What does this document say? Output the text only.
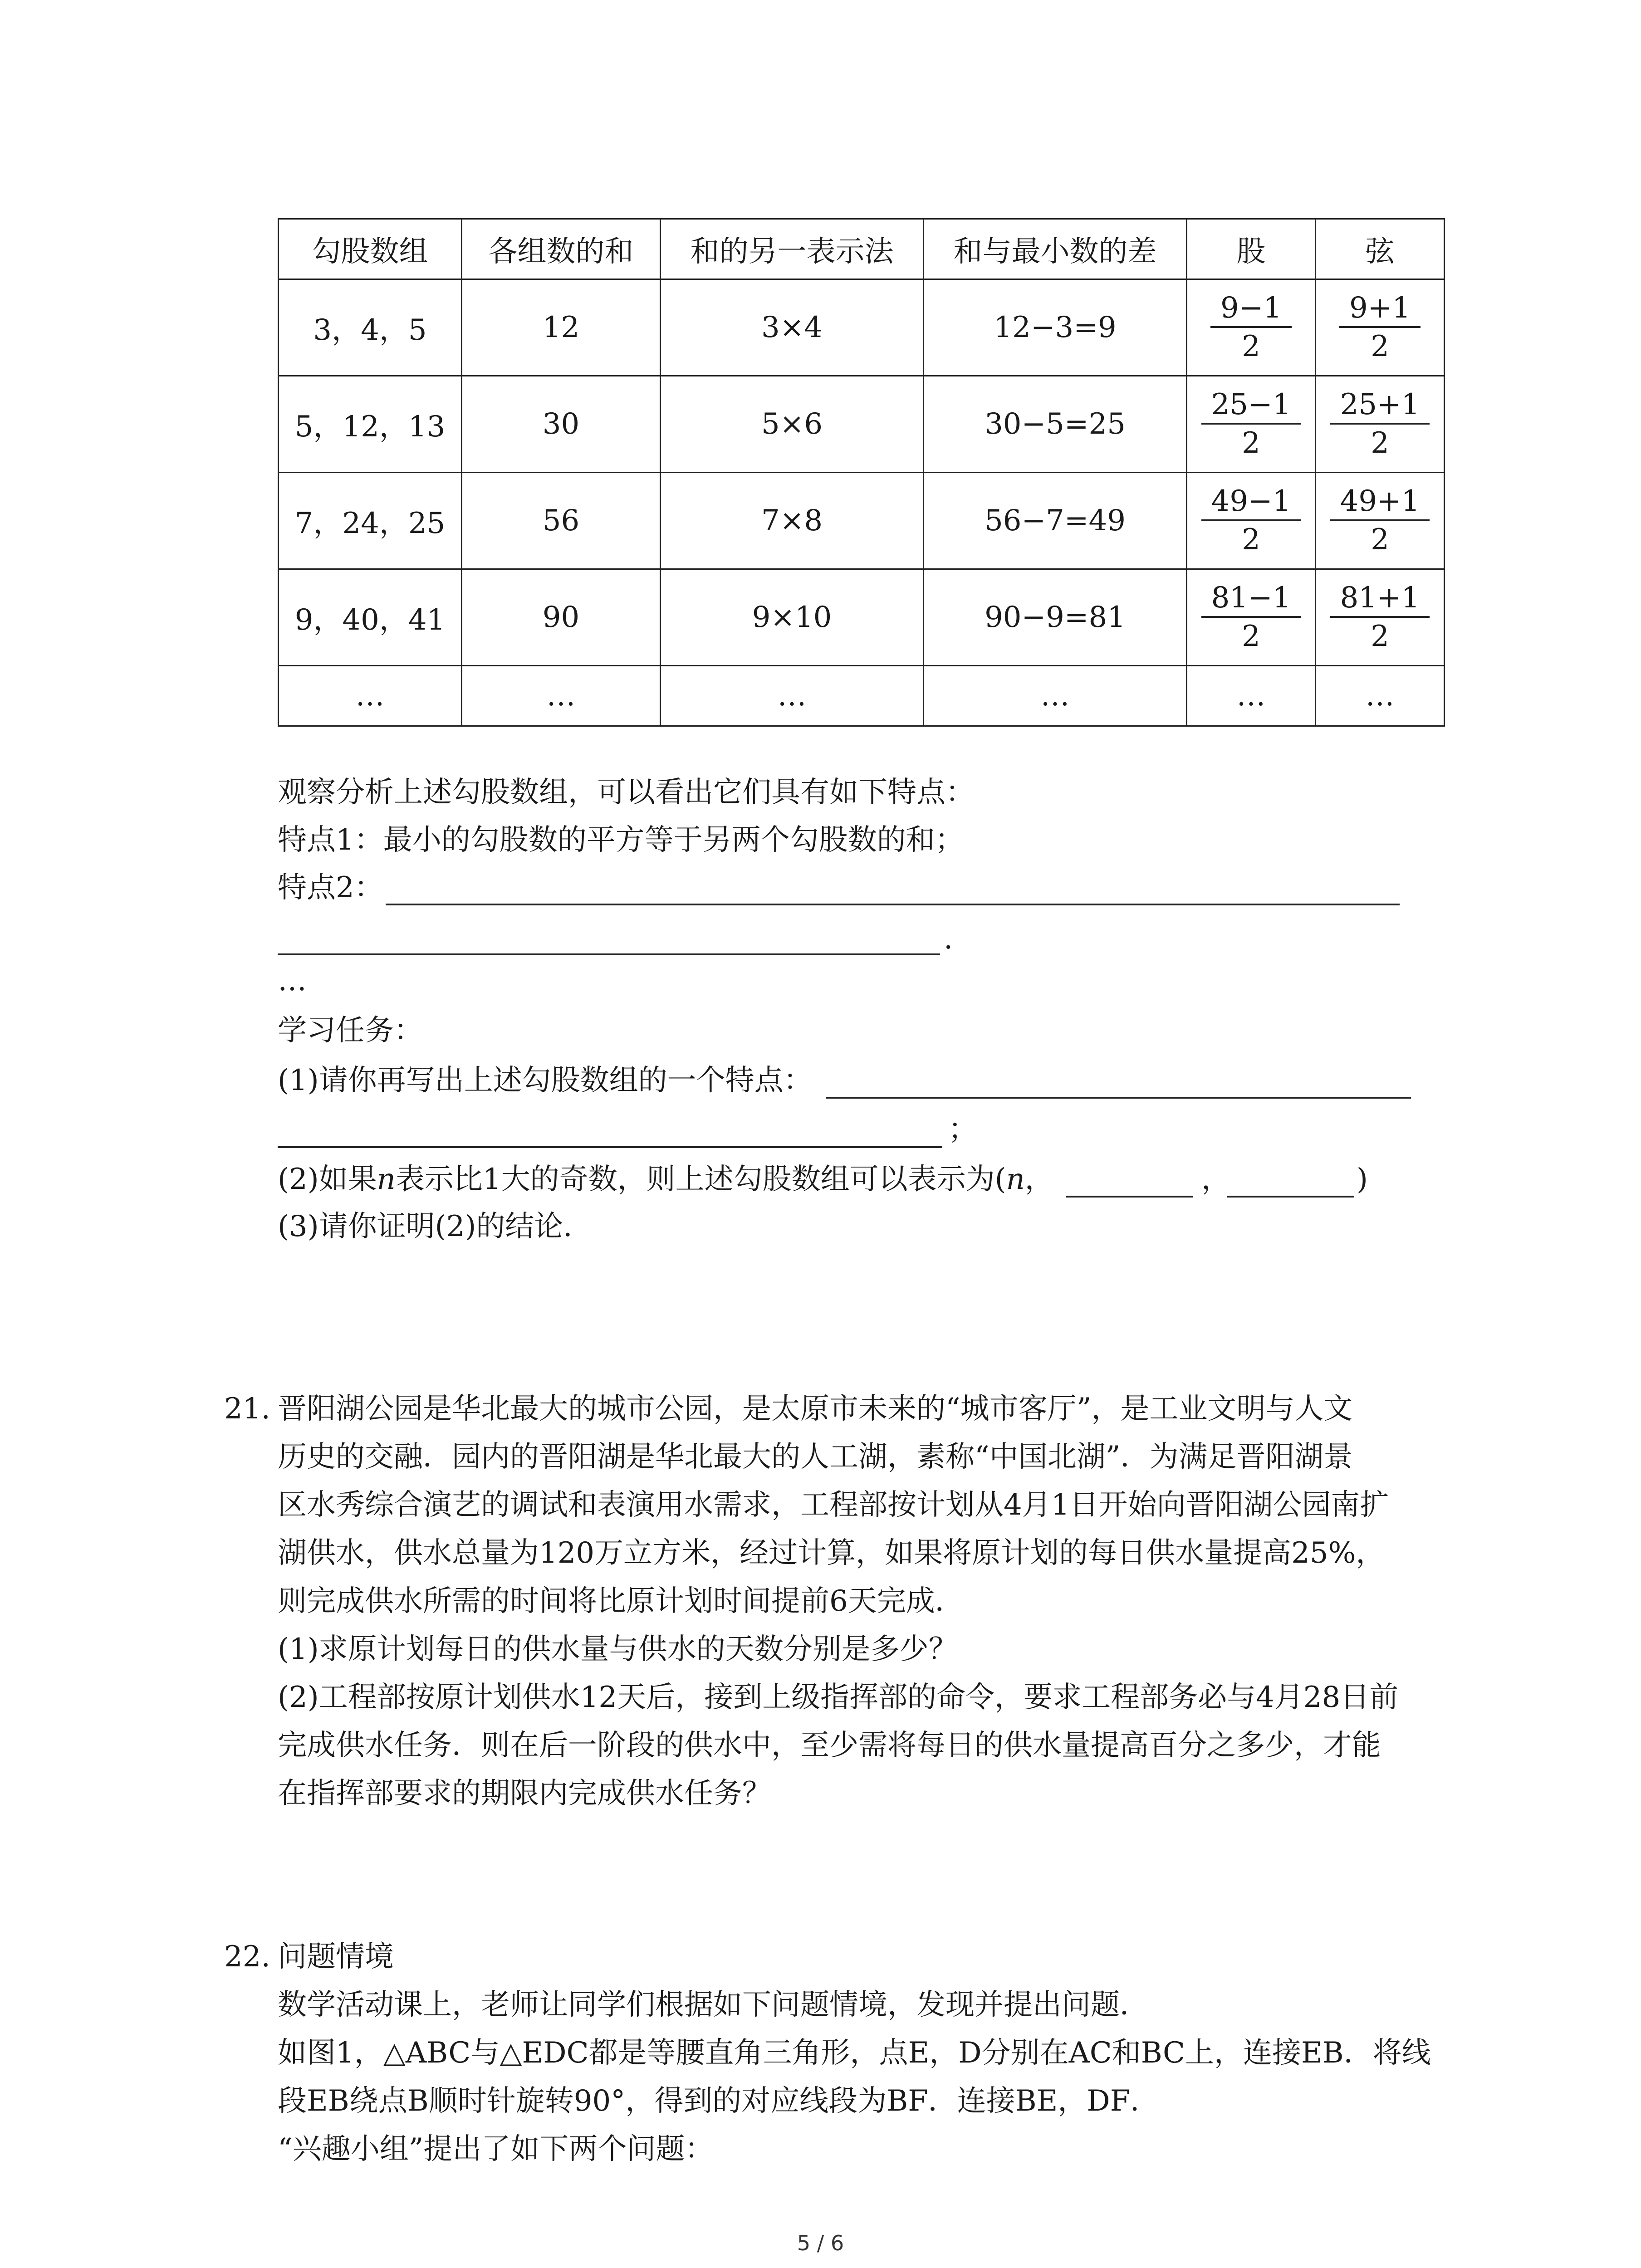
勾股数组	各组数的和	和的另一表示法	和与最小数的差	股	弦
3，4，5	12	3×4	12−3=9	$\frac{9-1}{2}$	$\frac{9+1}{2}$

5，12，13	30	5×6	30−5=25	$\frac{25-1}{2}$	$\frac{25+1}{2}$

7，24，25	56	7×8	56−7=49	$\frac{49-1}{2}$	$\frac{49+1}{2}$

9，40，41	90	9×10	90−9=81	$\frac{81-1}{2}$	$\frac{81+1}{2}$

…	…	…	…	…	…
观察分析上述勾股数组，可以看出它们具有如下特点：
特点1：最小的勾股数的平方等于另两个勾股数的和；
特点2：
.
…
学习任务：
(1)请你再写出上述勾股数组的一个特点：
；
(2)如果n表示比1大的奇数，则上述勾股数组可以表示为(n，	，	)
(3)请你证明(2)的结论.
21. 晋阳湖公园是华北最大的城市公园，是太原市未来的“城市客厅”，是工业文明与人文
历史的交融．园内的晋阳湖是华北最大的人工湖，素称“中国北湖”．为满足晋阳湖景
区水秀综合演艺的调试和表演用水需求，工程部按计划从4月1日开始向晋阳湖公园南扩
湖供水，供水总量为120万立方米，经过计算，如果将原计划的每日供水量提高25%，
则完成供水所需的时间将比原计划时间提前6天完成．
(1)求原计划每日的供水量与供水的天数分别是多少？
(2)工程部按原计划供水12天后，接到上级指挥部的命令，要求工程部务必与4月28日前
完成供水任务．则在后一阶段的供水中，至少需将每日的供水量提高百分之多少，才能
在指挥部要求的期限内完成供水任务？
22. 问题情境
数学活动课上，老师让同学们根据如下问题情境，发现并提出问题．
如图1，△ABC与△EDC都是等腰直角三角形，点E，D分别在AC和BC上，连接EB．将线
段EB绕点B顺时针旋转90°，得到的对应线段为BF．连接BE，DF．
“兴趣小组”提出了如下两个问题：
5 / 6
